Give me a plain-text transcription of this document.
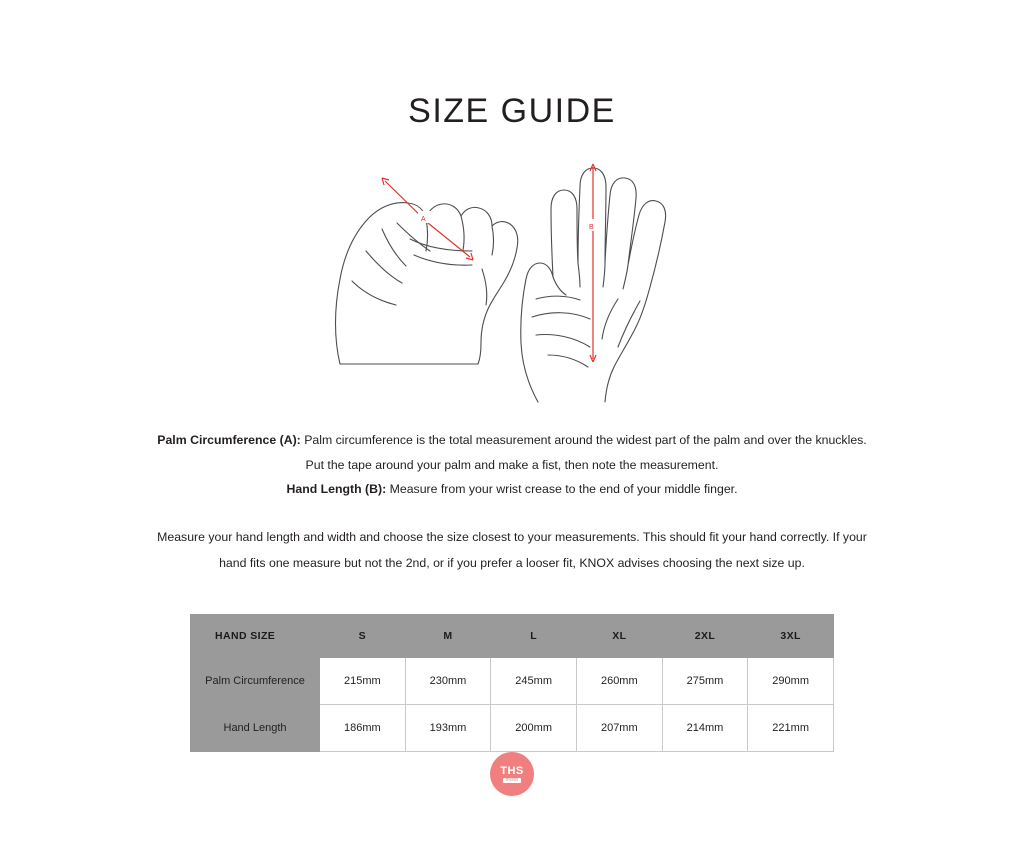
SIZE GUIDE
A
B

Palm Circumference (A): Palm circumference is the total measurement around the widest part of the palm and over the knuckles.

Put the tape around your palm and make a fist, then note the measurement.

Hand Length (B): Measure from your wrist crease to the end of your middle finger.

Measure your hand length and width and choose the size closest to your measurements. This should fit your hand correctly. If your hand fits one measure but not the 2nd, or if you prefer a looser fit, KNOX advises choosing the next size up.

HAND SIZE	S	M	L	XL	2XL	3XL
Palm Circumference	215mm	230mm	245mm	260mm	275mm	290mm
Hand Length	186mm	193mm	200mm	207mm	214mm	221mm
THS
moto
